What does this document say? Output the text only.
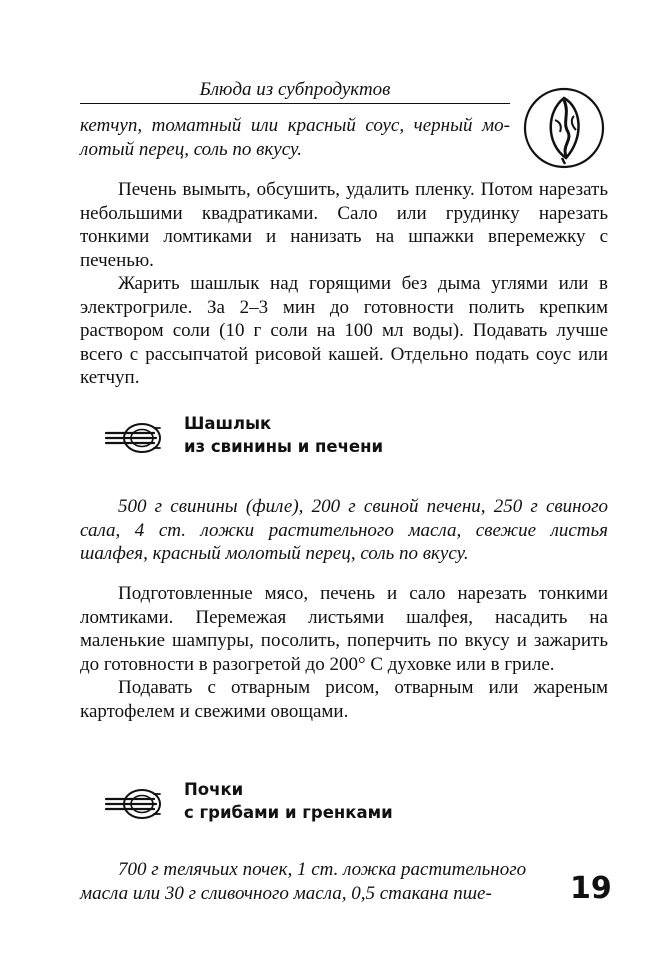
Блюда из субпродуктов
кетчуп, томатный или красный соус, черный мо-
лотый перец, соль по вкусу.

Печень вымыть, обсушить, удалить пленку. Потом нарезать небольшими квадратиками. Сало или грудинку нарезать тонкими ломтиками и нанизать на шпажки вперемежку с печенью.

Жарить шашлык над горящими без дыма углями или в электрогриле. За 2–3 мин до готовности полить крепким раствором соли (10 г соли на 100 мл воды). Подавать лучше всего с рассыпчатой рисовой кашей. Отдельно подать соус или кетчуп.

Шашлык
из свинины и печени

500 г свинины (филе), 200 г свиной печени, 250 г свиного сала, 4 ст. ложки растительного масла, свежие листья шалфея, красный молотый перец, соль по вкусу.

Подготовленные мясо, печень и сало нарезать тонкими ломтиками. Перемежая листьями шалфея, насадить на маленькие шампуры, посолить, поперчить по вкусу и зажарить до готовности в разогретой до 200° С духовке или в гриле.

Подавать с отварным рисом, отварным или жареным картофелем и свежими овощами.

Почки
с грибами и гренками
700 г телячьих почек, 1 ст. ложка растительного
масла или 30 г сливочного масла, 0,5 стакана пше-	19
